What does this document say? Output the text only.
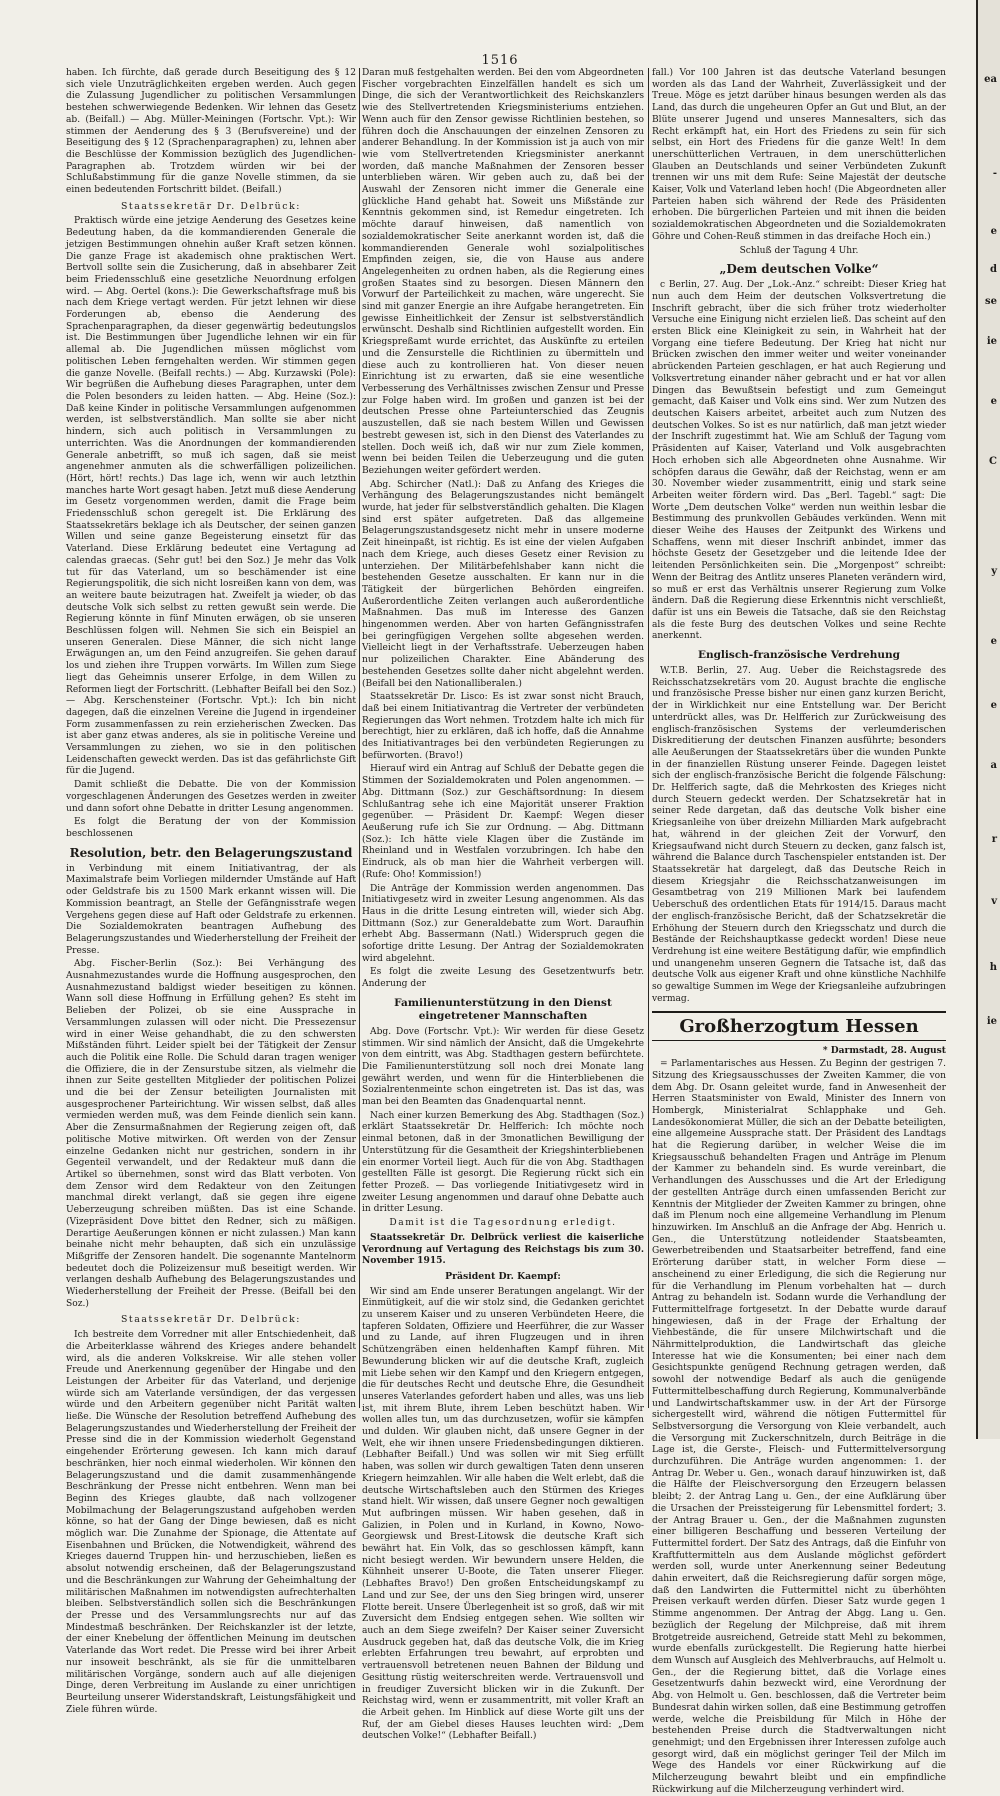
1516
ea
-
e
d
se
ie
e
C
y
e
e
a
r
v
h
ie

haben. Ich fürchte, daß gerade durch Beseitigung des § 12 sich viele Unzuträglichkeiten ergeben werden. Auch gegen die Zulassung Jugendlicher zu politischen Versammlungen bestehen schwerwiegende Bedenken. Wir lehnen das Gesetz ab. (Beifall.) — Abg. Müller-Meiningen (Fortschr. Vpt.): Wir stimmen der Aenderung des § 3 (Berufsvereine) und der Beseitigung des § 12 (Sprachenparagraphen) zu, lehnen aber die Beschlüsse der Kommission bezüglich des Jugendlichen-Paragraphen ab. Trotzdem würden wir bei der Schlußabstimmung für die ganze Novelle stimmen, da sie einen bedeutenden Fortschritt bildet. (Beifall.)

Staatssekretär Dr. Delbrück:

Praktisch würde eine jetzige Aenderung des Gesetzes keine Bedeutung haben, da die kommandierenden Generale die jetzigen Bestimmungen ohnehin außer Kraft setzen können. Die ganze Frage ist akademisch ohne praktischen Wert. Bertvoll sollte sein die Zusicherung, daß in absehbarer Zeit beim Friedensschluß eine gesetzliche Neuordnung erfolgen wird. — Abg. Oertel (kons.): Die Gewerkschaftsfrage muß bis nach dem Kriege vertagt werden. Für jetzt lehnen wir diese Forderungen ab, ebenso die Aenderung des Sprachenparagraphen, da dieser gegenwärtig bedeutungslos ist. Die Bestimmungen über Jugendliche lehnen wir ein für allemal ab. Die Jugendlichen müssen möglichst vom politischen Leben ferngehalten werden. Wir stimmen gegen die ganze Novelle. (Beifall rechts.) — Abg. Kurzawski (Pole): Wir begrüßen die Aufhebung dieses Paragraphen, unter dem die Polen besonders zu leiden hatten. — Abg. Heine (Soz.): Daß keine Kinder in politische Versammlungen aufgenommen werden, ist selbstverständlich. Man sollte sie aber nicht hindern, sich auch politisch in Versammlungen zu unterrichten. Was die Anordnungen der kommandierenden Generale anbetrifft, so muß ich sagen, daß sie meist angenehmer anmuten als die schwerfälligen polizeilichen. (Hört, hört! rechts.) Das lage ich, wenn wir auch letzthin manches harte Wort gesagt haben. Jetzt muß diese Aenderung im Gesetz vorgenommen werden, damit die Frage beim Friedensschluß schon geregelt ist. Die Erklärung des Staatssekretärs beklage ich als Deutscher, der seinen ganzen Willen und seine ganze Begeisterung einsetzt für das Vaterland. Diese Erklärung bedeutet eine Vertagung ad calendas graecas. (Sehr gut! bei den Soz.) Je mehr das Volk tut für das Vaterland, um so beschämender ist eine Regierungspolitik, die sich nicht losreißen kann von dem, was an weitere baute beizutragen hat. Zweifelt ja wieder, ob das deutsche Volk sich selbst zu retten gewußt sein werde. Die Regierung könnte in fünf Minuten erwägen, ob sie unseren Beschlüssen folgen will. Nehmen Sie sich ein Beispiel an unseren Generalen. Diese Männer, die sich nicht lange Erwägungen an, um den Feind anzugreifen. Sie gehen darauf los und ziehen ihre Truppen vorwärts. Im Willen zum Siege liegt das Geheimnis unserer Erfolge, in dem Willen zu Reformen liegt der Fortschritt. (Lebhafter Beifall bei den Soz.) — Abg. Kerschensteiner (Fortschr. Vpt.): Ich bin nicht dagegen, daß die einzelnen Vereine die Jugend in irgendeiner Form zusammenfassen zu rein erzieherischen Zwecken. Das ist aber ganz etwas anderes, als sie in politische Vereine und Versammlungen zu ziehen, wo sie in den politischen Leidenschaften geweckt werden. Das ist das gefährlichste Gift für die Jugend.

Damit schließt die Debatte. Die von der Kommission vorgeschlagenen Änderungen des Gesetzes werden in zweiter und dann sofort ohne Debatte in dritter Lesung angenommen.

Es folgt die Beratung der von der Kommission beschlossenen

Resolution, betr. den Belagerungszustand

in Verbindung mit einem Initiativantrag, der als Maximalstrafe beim Vorliegen mildernder Umstände auf Haft oder Geldstrafe bis zu 1500 Mark erkannt wissen will. Die Kommission beantragt, an Stelle der Gefängnisstrafe wegen Vergehens gegen diese auf Haft oder Geldstrafe zu erkennen. Die Sozialdemokraten beantragen Aufhebung des Belagerungszustandes und Wiederherstellung der Freiheit der Presse.

Abg. Fischer-Berlin (Soz.): Bei Verhängung des Ausnahmezustandes wurde die Hoffnung ausgesprochen, den Ausnahmezustand baldigst wieder beseitigen zu können. Wann soll diese Hoffnung in Erfüllung gehen? Es steht im Belieben der Polizei, ob sie eine Aussprache in Versammlungen zulassen will oder nicht. Die Pressezensur wird in einer Weise gehandhabt, die zu den schwersten Mißständen führt. Leider spielt bei der Tätigkeit der Zensur auch die Politik eine Rolle. Die Schuld daran tragen weniger die Offiziere, die in der Zensurstube sitzen, als vielmehr die ihnen zur Seite gestellten Mitglieder der politischen Polizei und die bei der Zensur beteiligten Journalisten mit ausgesprochener Parteirichtung. Wir wissen selbst, daß alles vermieden werden muß, was dem Feinde dienlich sein kann. Aber die Zensurmaßnahmen der Regierung zeigen oft, daß politische Motive mitwirken. Oft werden von der Zensur einzelne Gedanken nicht nur gestrichen, sondern in ihr Gegenteil verwandelt, und der Redakteur muß dann die Artikel so übernehmen, sonst wird das Blatt verboten. Von dem Zensor wird dem Redakteur von den Zeitungen manchmal direkt verlangt, daß sie gegen ihre eigene Ueberzeugung schreiben müßten. Das ist eine Schande. (Vizepräsident Dove bittet den Redner, sich zu mäßigen. Derartige Aeußerungen können er nicht zulassen.) Man kann beinahe nicht mehr behaupten, daß sich ein unzulässige Mißgriffe der Zensoren handelt. Die sogenannte Mantelnorm bedeutet doch die Polizeizensur muß beseitigt werden. Wir verlangen deshalb Aufhebung des Belagerungszustandes und Wiederherstellung der Freiheit der Presse. (Beifall bei den Soz.)

Staatssekretär Dr. Delbrück:

Ich bestreite dem Vorredner mit aller Entschiedenheit, daß die Arbeiterklasse während des Krieges andere behandelt wird, als die anderen Volkskreise. Wir alle stehen voller Freude und Anerkennung gegenüber der Hingabe und den Leistungen der Arbeiter für das Vaterland, und derjenige würde sich am Vaterlande versündigen, der das vergessen würde und den Arbeitern gegenüber nicht Parität walten ließe. Die Wünsche der Resolution betreffend Aufhebung des Belagerungszustandes und Wiederherstellung der Freiheit der Presse sind die in der Kommission wiederholt Gegenstand eingehender Erörterung gewesen. Ich kann mich darauf beschränken, hier noch einmal wiederholen. Wir können den Belagerungszustand und die damit zusammenhängende Beschränkung der Presse nicht entbehren. Wenn man bei Beginn des Krieges glaubte, daß nach vollzogener Mobilmachung der Belagerungszustand aufgehoben werden könne, so hat der Gang der Dinge bewiesen, daß es nicht möglich war. Die Zunahme der Spionage, die Attentate auf Eisenbahnen und Brücken, die Notwendigkeit, während des Krieges dauernd Truppen hin- und herzuschieben, ließen es absolut notwendig erscheinen, daß der Belagerungszustand und die Beschränkungen zur Wahrung der Geheimhaltung der militärischen Maßnahmen im notwendigsten aufrechterhalten bleiben. Selbstverständlich sollen sich die Beschränkungen der Presse und des Versammlungsrechts nur auf das Mindestmaß beschränken. Der Reichskanzler ist der letzte, der einer Knebelung der öffentlichen Meinung im deutschen Vaterlande das Wort redet. Die Presse wird bei ihrer Arbeit nur insoweit beschränkt, als sie für die unmittelbaren militärischen Vorgänge, sondern auch auf alle diejenigen Dinge, deren Verbreitung im Auslande zu einer unrichtigen Beurteilung unserer Widerstandskraft, Leistungsfähigkeit und Ziele führen würde.

Daran muß festgehalten werden. Bei den vom Abgeordneten Fischer vorgebrachten Einzelfällen handelt es sich um Dinge, die sich der Verantwortlichkeit des Reichskanzlers wie des Stellvertretenden Kriegsministeriums entziehen. Wenn auch für den Zensor gewisse Richtlinien bestehen, so führen doch die Anschauungen der einzelnen Zensoren zu anderer Behandlung. In der Kommission ist ja auch von mir wie vom Stellvertretenden Kriegsminister anerkannt worden, daß manche Maßnahmen der Zensoren besser unterblieben wären. Wir geben auch zu, daß bei der Auswahl der Zensoren nicht immer die Generale eine glückliche Hand gehabt hat. Soweit uns Mißstände zur Kenntnis gekommen sind, ist Remedur eingetreten. Ich möchte darauf hinweisen, daß namentlich von sozialdemokratischer Seite anerkannt worden ist, daß die kommandierenden Generale wohl sozialpolitisches Empfinden zeigen, sie, die von Hause aus andere Angelegenheiten zu ordnen haben, als die Regierung eines großen Staates sind zu besorgen. Diesen Männern den Vorwurf der Parteilichkeit zu machen, wäre ungerecht. Sie sind mit ganzer Energie an ihre Aufgabe herangetreten. Ein gewisse Einheitlichkeit der Zensur ist selbstverständlich erwünscht. Deshalb sind Richtlinien aufgestellt worden. Ein Kriegspreßamt wurde errichtet, das Auskünfte zu erteilen und die Zensurstelle die Richtlinien zu übermitteln und diese auch zu kontrollieren hat. Von dieser neuen Einrichtung ist zu erwarten, daß sie eine wesentliche Verbesserung des Verhältnisses zwischen Zensur und Presse zur Folge haben wird. Im großen und ganzen ist bei der deutschen Presse ohne Parteiunterschied das Zeugnis auszustellen, daß sie nach bestem Willen und Gewissen bestrebt gewesen ist, sich in den Dienst des Vaterlandes zu stellen. Doch weiß ich, daß wir nur zum Ziele kommen, wenn bei beiden Teilen die Ueberzeugung und die guten Beziehungen weiter gefördert werden.

Abg. Schircher (Natl.): Daß zu Anfang des Krieges die Verhängung des Belagerungszustandes nicht bemängelt wurde, hat jeder für selbstverständlich gehalten. Die Klagen sind erst später aufgetreten. Daß das allgemeine Belagerungszustandsgesetz nicht mehr in unsere moderne Zeit hineinpaßt, ist richtig. Es ist eine der vielen Aufgaben nach dem Kriege, auch dieses Gesetz einer Revision zu unterziehen. Der Militärbefehlshaber kann nicht die bestehenden Gesetze ausschalten. Er kann nur in die Tätigkeit der bürgerlichen Behörden eingreifen. Außerordentliche Zeiten verlangen auch außerordentliche Maßnahmen. Das muß im Interesse des Ganzen hingenommen werden. Aber von harten Gefängnisstrafen bei geringfügigen Vergehen sollte abgesehen werden. Vielleicht liegt in der Verhaftsstrafe. Ueberzeugen haben nur polizeilichen Charakter. Eine Abänderung des bestehenden Gesetzes sollte daher nicht abgelehnt werden. (Beifall bei den Nationalliberalen.)

Staatssekretär Dr. Lisco: Es ist zwar sonst nicht Brauch, daß bei einem Initiativantrag die Vertreter der verbündeten Regierungen das Wort nehmen. Trotzdem halte ich mich für berechtigt, hier zu erklären, daß ich hoffe, daß die Annahme des Initiativantrages bei den verbündeten Regierungen zu befürworten. (Bravo!)

Hierauf wird ein Antrag auf Schluß der Debatte gegen die Stimmen der Sozialdemokraten und Polen angenommen. — Abg. Dittmann (Soz.) zur Geschäftsordnung: In diesem Schlußantrag sehe ich eine Majorität unserer Fraktion gegenüber. — Präsident Dr. Kaempf: Wegen dieser Aeußerung rufe ich Sie zur Ordnung. — Abg. Dittmann (Soz.): Ich hätte viele Klagen über die Zustände im Rheinland und in Westfalen vorzubringen. Ich habe den Eindruck, als ob man hier die Wahrheit verbergen will. (Rufe: Oho! Kommission!)

Die Anträge der Kommission werden angenommen. Das Initiativgesetz wird in zweiter Lesung angenommen. Als das Haus in die dritte Lesung eintreten will, wieder sich Abg. Dittmann (Soz.) zur Generaldebatte zum Wort. Daraufhin erhebt Abg. Bassermann (Natl.) Widerspruch gegen die sofortige dritte Lesung. Der Antrag der Sozialdemokraten wird abgelehnt.

Es folgt die zweite Lesung des Gesetzentwurfs betr. Anderung der

Familienunterstützung in den Dienst eingetretener Mannschaften

Abg. Dove (Fortschr. Vpt.): Wir werden für diese Gesetz stimmen. Wir sind nämlich der Ansicht, daß die Umgekehrte von dem eintritt, was Abg. Stadthagen gestern befürchtete. Die Familienunterstützung soll noch drei Monate lang gewährt werden, und wenn für die Hinterbliebenen die Sozialrentenmeinte schon eingetreten ist. Das ist das, was man bei den Beamten das Gnadenquartal nennt.

Nach einer kurzen Bemerkung des Abg. Stadthagen (Soz.) erklärt Staatssekretär Dr. Helfferich: Ich möchte noch einmal betonen, daß in der 3monatlichen Bewilligung der Unterstützung für die Gesamtheit der Kriegshinterbliebenen ein enormer Vorteil liegt. Auch für die von Abg. Stadthagen gestellten Fälle ist gesorgt. Die Regierung rückt sich ein fetter Prozeß. — Das vorliegende Initiativgesetz wird in zweiter Lesung angenommen und darauf ohne Debatte auch in dritter Lesung.

Damit ist die Tagesordnung erledigt.

Staatssekretär Dr. Delbrück verliest die kaiserliche Verordnung auf Vertagung des Reichstags bis zum 30. November 1915.

Präsident Dr. Kaempf:

Wir sind am Ende unserer Beratungen angelangt. Wir der Einmütigkeit, auf die wir stolz sind, die Gedanken gerichtet zu unserem Kaiser und zu unseren Verbündeten Heere, die tapferen Soldaten, Offiziere und Heerführer, die zur Wasser und zu Lande, auf ihren Flugzeugen und in ihren Schützengräben einen heldenhaften Kampf führen. Mit Bewunderung blicken wir auf die deutsche Kraft, zugleich mit Liebe sehen wir den Kampf und den Kriegern entgegen, die für deutsches Recht und deutsche Ehre, die Gesundheit unseres Vaterlandes gefordert haben und alles, was uns lieb ist, mit ihrem Blute, ihrem Leben beschützt haben. Wir wollen alles tun, um das durchzusetzen, wofür sie kämpfen und dulden. Wir glauben nicht, daß unsere Gegner in der Welt, ehe wir ihnen unsere Friedensbedingungen diktieren. (Lebhafter Beifall.) Und was sollen wir mit Sieg erfüllt haben, was sollen wir durch gewaltigen Taten denn unseren Kriegern heimzahlen. Wir alle haben die Welt erlebt, daß die deutsche Wirtschaftsleben auch den Stürmen des Krieges stand hielt. Wir wissen, daß unsere Gegner noch gewaltigen Mut aufbringen müssen. Wir haben gesehen, daß in Galizien, in Polen und in Kurland, in Kowno, Nowo-Georgiewsk und Brest-Litowsk die deutsche Kraft sich bewährt hat. Ein Volk, das so geschlossen kämpft, kann nicht besiegt werden. Wir bewundern unsere Helden, die Kühnheit unserer U-Boote, die Taten unserer Flieger. (Lebhaftes Bravo!) Den großen Entscheidungskampf zu Land und zur See, der uns den Sieg bringen wird, unserer Flotte bereit. Unsere Überlegenheit ist so groß, daß wir mit Zuversicht dem Endsieg entgegen sehen. Wie sollten wir auch an dem Siege zweifeln? Der Kaiser seiner Zuversicht Ausdruck gegeben hat, daß das deutsche Volk, die im Krieg erlebten Erfahrungen treu bewahrt, auf erprobten und vertrauensvoll betretenen neuen Bahnen der Bildung und Gesittung rüstig weiterschreiten werde. Vertrauensvoll und in freudiger Zuversicht blicken wir in die Zukunft. Der Reichstag wird, wenn er zusammentritt, mit voller Kraft an die Arbeit gehen. Im Hinblick auf diese Worte gilt uns der Ruf, der am Giebel dieses Hauses leuchten wird: „Dem deutschen Volke!“ (Lebhafter Beifall.)

fall.) Vor 100 Jahren ist das deutsche Vaterland besungen worden als das Land der Wahrheit, Zuverlässigkeit und der Treue. Möge es jetzt darüber hinaus besungen werden als das Land, das durch die ungeheuren Opfer an Gut und Blut, an der Blüte unserer Jugend und unseres Mannesalters, sich das Recht erkämpft hat, ein Hort des Friedens zu sein für sich selbst, ein Hort des Friedens für die ganze Welt! In dem unerschütterlichen Vertrauen, in dem unerschütterlichen Glauben an Deutschlands und seiner Verbündeten Zukunft trennen wir uns mit dem Rufe: Seine Majestät der deutsche Kaiser, Volk und Vaterland leben hoch! (Die Abgeordneten aller Parteien haben sich während der Rede des Präsidenten erhoben. Die bürgerlichen Parteien und mit ihnen die beiden sozialdemokratischen Abgeordneten und die Sozialdemokraten Göhre und Cohen-Reuß stimmen in das dreifache Hoch ein.)

Schluß der Tagung 4 Uhr.

„Dem deutschen Volke“

c Berlin, 27. Aug. Der „Lok.-Anz.“ schreibt: Dieser Krieg hat nun auch dem Heim der deutschen Volksvertretung die Inschrift gebracht, über die sich früher trotz wiederholter Versuche eine Einigung nicht erzielen ließ. Das scheint auf den ersten Blick eine Kleinigkeit zu sein, in Wahrheit hat der Vorgang eine tiefere Bedeutung. Der Krieg hat nicht nur Brücken zwischen den immer weiter und weiter voneinander abrückenden Parteien geschlagen, er hat auch Regierung und Volksvertretung einander näher gebracht und er hat vor allen Dingen das Bewußtsein befestigt und zum Gemeingut gemacht, daß Kaiser und Volk eins sind. Wer zum Nutzen des deutschen Kaisers arbeitet, arbeitet auch zum Nutzen des deutschen Volkes. So ist es nur natürlich, daß man jetzt wieder der Inschrift zugestimmt hat. Wie am Schluß der Tagung vom Präsidenten auf Kaiser, Vaterland und Volk ausgebrachten Hoch erhoben sich alle Abgeordneten ohne Ausnahme. Wir schöpfen daraus die Gewähr, daß der Reichstag, wenn er am 30. November wieder zusammentritt, einig und stark seine Arbeiten weiter fördern wird. Das „Berl. Tagebl.“ sagt: Die Worte „Dem deutschen Volke“ werden nun weithin lesbar die Bestimmung des prunkvollen Gebäudes verkünden. Wenn mit dieser Weihe des Hauses der Zeitpunkt des Wirkens und Schaffens, wenn mit dieser Inschrift anbindet, immer das höchste Gesetz der Gesetzgeber und die leitende Idee der leitenden Persönlichkeiten sein. Die „Morgenpost“ schreibt: Wenn der Beitrag des Antlitz unseres Planeten verändern wird, so muß er erst das Verhältnis unserer Regierung zum Volke ändern. Daß die Regierung diese Erkenntnis nicht verschließt, dafür ist uns ein Beweis die Tatsache, daß sie den Reichstag als die feste Burg des deutschen Volkes und seine Rechte anerkennt.

Englisch-französische Verdrehung

W.T.B. Berlin, 27. Aug. Ueber die Reichstagsrede des Reichsschatzsekretärs vom 20. August brachte die englische und französische Presse bisher nur einen ganz kurzen Bericht, der in Wirklichkeit nur eine Entstellung war. Der Bericht unterdrückt alles, was Dr. Helfferich zur Zurückweisung des englisch-französischen Systems der verleumderischen Diskreditierung der deutschen Finanzen ausführte; besonders alle Aeußerungen der Staatssekretärs über die wunden Punkte in der finanziellen Rüstung unserer Feinde. Dagegen leistet sich der englisch-französische Bericht die folgende Fälschung: Dr. Helfferich sagte, daß die Mehrkosten des Krieges nicht durch Steuern gedeckt werden. Der Schatzsekretär hat in seiner Rede dargetan, daß das deutsche Volk bisher eine Kriegsanleihe von über dreizehn Milliarden Mark aufgebracht hat, während in der gleichen Zeit der Vorwurf, den Kriegsaufwand nicht durch Steuern zu decken, ganz falsch ist, während die Balance durch Taschenspieler entstanden ist. Der Staatssekretär hat dargelegt, daß das Deutsche Reich in diesem Kriegsjahr die Reichsschatzanweisungen im Gesamtbetrag von 219 Millionen Mark bei laufendem Ueberschuß des ordentlichen Etats für 1914/15. Daraus macht der englisch-französische Bericht, daß der Schatzsekretär die Erhöhung der Steuern durch den Kriegsschatz und durch die Bestände der Reichshauptkasse gedeckt worden! Diese neue Verdrehung ist eine weitere Bestätigung dafür, wie empfindlich und unangenehm unseren Gegnern die Tatsache ist, daß das deutsche Volk aus eigener Kraft und ohne künstliche Nachhilfe so gewaltige Summen im Wege der Kriegsanleihe aufzubringen vermag.

Großherzogtum Hessen
* Darmstadt, 28. August

= Parlamentarisches aus Hessen. Zu Beginn der gestrigen 7. Sitzung des Kriegsausschusses der Zweiten Kammer, die von dem Abg. Dr. Osann geleitet wurde, fand in Anwesenheit der Herren Staatsminister von Ewald, Minister des Innern von Hombergk, Ministerialrat Schlapphake und Geh. Landesökonomierat Müller, die sich an der Debatte beteiligten, eine allgemeine Aussprache statt. Der Präsident des Landtags hat die Regierung darüber, in welcher Weise die im Kriegsausschuß behandelten Fragen und Anträge im Plenum der Kammer zu behandeln sind. Es wurde vereinbart, die Verhandlungen des Ausschusses und die Art der Erledigung der gestellten Anträge durch einen umfassenden Bericht zur Kenntnis der Mitglieder der Zweiten Kammer zu bringen, ohne daß im Plenum noch eine allgemeine Verhandlung im Plenum hinzuwirken. Im Anschluß an die Anfrage der Abg. Henrich u. Gen., die Unterstützung notleidender Staatsbeamten, Gewerbetreibenden und Staatsarbeiter betreffend, fand eine Erörterung darüber statt, in welcher Form diese — anscheinend zu einer Erledigung, die sich die Regierung nur für die Verhandlung im Plenum vorbehalten hat — durch Antrag zu behandeln ist. Sodann wurde die Verhandlung der Futtermittelfrage fortgesetzt. In der Debatte wurde darauf hingewiesen, daß in der Frage der Erhaltung der Viehbestände, die für unsere Milchwirtschaft und die Nährmittelproduktion, die Landwirtschaft das gleiche Interesse hat wie die Konsumenten; bei einer nach dem Gesichtspunkte genügend Rechnung getragen werden, daß sowohl der notwendige Bedarf als auch die genügende Futtermittelbeschaffung durch Regierung, Kommunalverbände und Landwirtschaftskammer usw. in der Art der Fürsorge sichergestellt wird, während die nötigen Futtermittel für Selbstversorgung die Versorgung von Kleie verbandelt, auch die Versorgung mit Zuckerschnitzeln, durch Beiträge in die Lage ist, die Gerste-, Fleisch- und Futtermittelversorgung durchzuführen. Die Anträge wurden angenommen: 1. der Antrag Dr. Weber u. Gen., wonach darauf hinzuwirken ist, daß die Hälfte der Fleischversorgung den Erzeugern belassen bleibt; 2. der Antrag Lang u. Gen., der eine Aufklärung über die Ursachen der Preissteigerung für Lebensmittel fordert; 3. der Antrag Brauer u. Gen., der die Maßnahmen zugunsten einer billigeren Beschaffung und besseren Verteilung der Futtermittel fordert. Der Satz des Antrags, daß die Einfuhr von Kraftfuttermitteln aus dem Auslande möglichst gefördert werden soll, wurde unter Anerkennung seiner Bedeutung dahin erweitert, daß die Reichsregierung dafür sorgen möge, daß den Landwirten die Futtermittel nicht zu überhöhten Preisen verkauft werden dürfen. Dieser Satz wurde gegen 1 Stimme angenommen. Der Antrag der Abgg. Lang u. Gen. bezüglich der Regelung der Milchpreise, daß mit ihrem Brotgetreide ausreichend, Getreide statt Mehl zu bekommen, wurde ebenfalls zurückgestellt. Die Regierung hatte hierbei dem Wunsch auf Ausgleich des Mehlverbrauchs, auf Helmolt u. Gen., der die Regierung bittet, daß die Vorlage eines Gesetzentwurfs dahin bezweckt wird, eine Verordnung der Abg. von Helmolt u. Gen. beschlossen, daß die Vertreter beim Bundesrat dahin wirken sollen, daß eine Bestimmung getroffen werde, welche die Preisbildung für Milch in Höhe der bestehenden Preise durch die Stadtverwaltungen nicht genehmigt; und den Ergebnissen ihrer Interessen zufolge auch gesorgt wird, daß ein möglichst geringer Teil der Milch im Wege des Handels vor einer Rückwirkung auf die Milcherzeugung bewahrt bleibt und ein empfindliche Rückwirkung auf die Milcherzeugung verhindert wird.
